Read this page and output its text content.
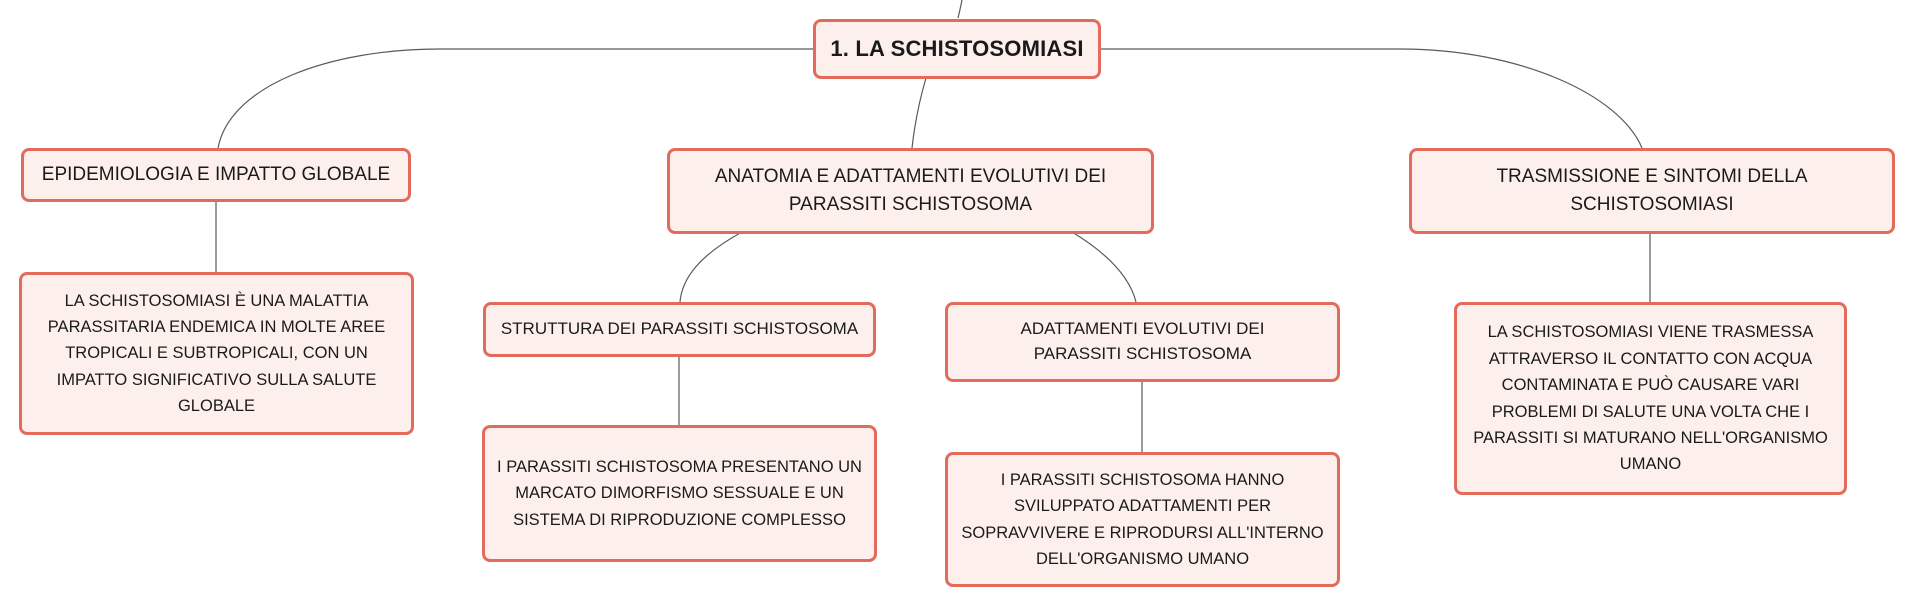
1. LA SCHISTOSOMIASI
EPIDEMIOLOGIA E IMPATTO GLOBALE
LA SCHISTOSOMIASI È UNA MALATTIA PARASSITARIA ENDEMICA IN MOLTE AREE TROPICALI E SUBTROPICALI, CON UN IMPATTO SIGNIFICATIVO SULLA SALUTE GLOBALE
ANATOMIA E ADATTAMENTI EVOLUTIVI DEI PARASSITI SCHISTOSOMA
STRUTTURA DEI PARASSITI SCHISTOSOMA
I PARASSITI SCHISTOSOMA PRESENTANO UN MARCATO DIMORFISMO SESSUALE E UN SISTEMA DI RIPRODUZIONE COMPLESSO
ADATTAMENTI EVOLUTIVI DEI PARASSITI SCHISTOSOMA
I PARASSITI SCHISTOSOMA HANNO SVILUPPATO ADATTAMENTI PER SOPRAVVIVERE E RIPRODURSI ALL'INTERNO DELL'ORGANISMO UMANO
TRASMISSIONE E SINTOMI DELLA SCHISTOSOMIASI
LA SCHISTOSOMIASI VIENE TRASMESSA ATTRAVERSO IL CONTATTO CON ACQUA CONTAMINATA E PUÒ CAUSARE VARI PROBLEMI DI SALUTE UNA VOLTA CHE I PARASSITI SI MATURANO NELL'ORGANISMO UMANO
